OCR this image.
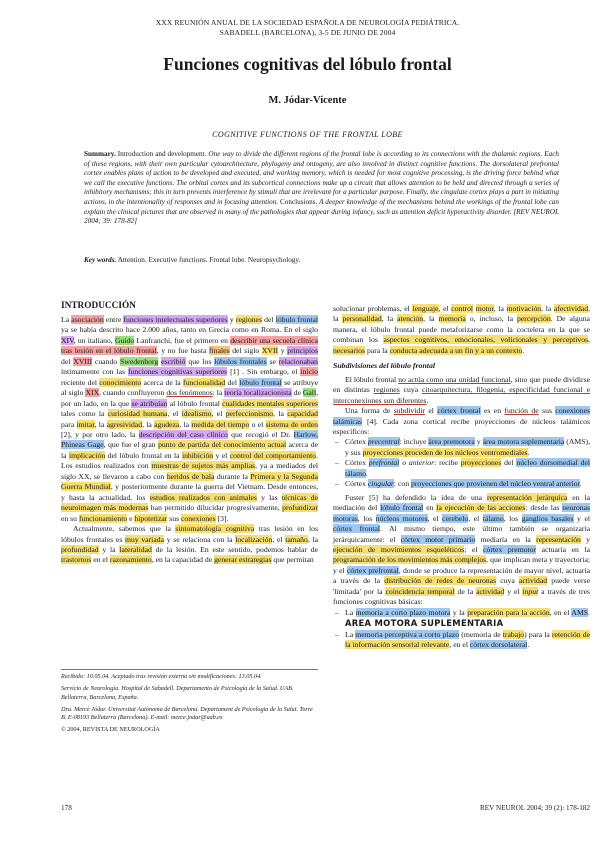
XXX REUNIÓN ANUAL DE LA SOCIEDAD ESPAÑOLA DE NEUROLOGÍA PEDIÁTRICA.
SABADELL (BARCELONA), 3-5 DE JUNIO DE 2004
Funciones cognitivas del lóbulo frontal
M. Jódar-Vicente
COGNITIVE FUNCTIONS OF THE FRONTAL LOBE
Summary. Introduction and development. One way to divide the different regions of the frontal lobe is according to its connections with the thalamic regions. Each of these regions, with their own particular cytoarchitecture, phylogeny and ontogeny, are also involved in distinct cognitive functions. The dorsolateral prefrontal cortex enables plans of action to be developed and executed, and working memory, which is needed for most cognitive processing, is the driving force behind what we call the executive functions. The orbital cortex and its subcortical connections make up a circuit that allows attention to be held and directed through a series of inhibitory mechanisms; this in turn prevents interference by stimuli that are irrelevant for a particular purpose. Finally, the cingulate cortex plays a part in initiating actions, in the intentionality of responses and in focusing attention. Conclusions. A deeper knowledge of the mechanisms behind the workings of the frontal lobe can explain the clinical pictures that are observed in many of the pathologies that appear during infancy, such as attention deficit hyperactivity disorder. [REV NEUROL 2004; 39: 178-82]
Key words. Attention. Executive functions. Frontal lobe. Neuropsychology.
INTRODUCCIÓN

La asociación entre funciones intelectuales superiores y regiones del lóbulo frontal ya se había descrito hace 2.000 años, tanto en Grecia como en Roma. En el siglo XIV, un italiano, Guido Lanfranchi, fue el primero en describir una secuela clínica tras lesión en el lóbulo frontal, y no fue hasta finales del siglo XVII y principios del XVIII cuando Swedenborg escribió que los lóbulos frontales se relacionaban íntimamente con las funciones cognitivas superiores [1] . Sin embargo, el inicio reciente del conocimiento acerca de la funcionalidad del lóbulo frontal se atribuye al siglo XIX, cuando confluyeron dos fenómenos: la teoría localizacionista de Gall, por un lado, en la que se atribuían al lóbulo frontal cualidades mentales superiores tales como la curiosidad humana, el idealismo, el perfeccionismo, la capacidad para imitar, la agresividad, la agudeza, la medida del tiempo o el sistema de orden [2], y por otro lado, la descripción del caso clínico que recogió el Dr. Harlow, Phineas Gage, que fue el gran punto de partida del conocimiento actual acerca de la implicación del lóbulo frontal en la inhibición y el control del comportamiento. Los estudios realizados con muestras de sujetos más amplias, ya a mediados del siglo XX, se llevaron a cabo con heridos de bala durante la Primera y la Segunda Guerra Mundial, y posteriormente durante la guerra del Vietnam. Desde entonces, y hasta la actualidad, los estudios realizados con animales y las técnicas de neuroimagen más modernas han permitido dilucidar progresivamente, profundizar en su funcionamiento e hipotetizar sus conexiones [3].

Actualmente, sabemos que la sintomatología cognitiva tras lesión en los lóbulos frontales es muy variada y se relaciona con la localización, el tamaño, la profundidad y la lateralidad de la lesión. En este sentido, podemos hablar de trastornos en el razonamiento, en la capacidad de generar estrategias que permitan

solucionar problemas, el lenguaje, el control motor, la motivación, la afectividad, la personalidad, la atención, la memoria o, incluso, la percepción. De alguna manera, el lóbulo frontal puede metaforizarse como la coctelera en la que se combinan los aspectos cognitivos, emocionales, volicionales y perceptivos, necesarios para la conducta adecuada a un fin y a un contexto.

Subdivisiones del lóbulo frontal

El lóbulo frontal no actúa como una unidad funcional, sino que puede dividirse en distintas regiones cuya citoarquitectura, filogenia, especificidad funcional e interconexiones son diferentes.

Una forma de subdividir el córtex frontal es en función de sus conexiones talámicas [4]. Cada zona cortical recibe proyecciones de núcleos talámicos específicos:

– Córtex precentral: incluye área premotora y área motora suplementaria (AMS), y sus proyecciones proceden de los núcleos ventromediales.
– Córtex prefrontal o anterior: recibe proyecciones del núcleo dorsomedial del tálamo.
– Córtex cingular: con proyecciones que provienen del núcleo ventral anterior.

Fuster [5] ha defendido la idea de una representación jerárquica en la mediación del lóbulo frontal en la ejecución de las acciones: desde las neuronas motoras, los núcleos motores, el cerebelo, el tálamo, los ganglios basales y el córtex frontal. Al mismo tiempo, este último también se organizaría jerárquicamente: el córtex motor primario mediaría en la representación y ejecución de movimientos esqueléticos; el córtex premotor actuaría en la programación de los movimientos más complejos, que implican meta y trayectoria; y el córtex prefrontal, donde se produce la representación de mayor nivel, actuaría a través de la distribución de redes de neuronas cuya actividad puede verse 'limitada' por la coincidencia temporal de la actividad y el input a través de tres funciones cognitivas básicas:

– La memoria a corto plazo motora y la preparación para la acción, en el AMS. AREA MOTORA SUPLEMENTARIA
– La memoria perceptiva a corto plazo (memoria de trabajo) para la retención de la información sensorial relevante, en el córtex dorsolateral.

Recibido: 10.05.04. Aceptado tras revisión externa sin modificaciones: 13.05.04.

Servicio de Neurología. Hospital de Sabadell. Departamento de Psicología de la Salud. UAB. Bellaterra, Barcelona, España.

Dra. Mercè Jódar. Universitat Autònoma de Barcelona. Departament de Psicologia de la Salut. Torre B. E-08193 Bellaterra (Barcelona). E-mail: merce.jodar@uab.es

© 2004, REVISTA DE NEUROLOGÍA

178	REV NEUROL 2004; 39 (2): 178-182
